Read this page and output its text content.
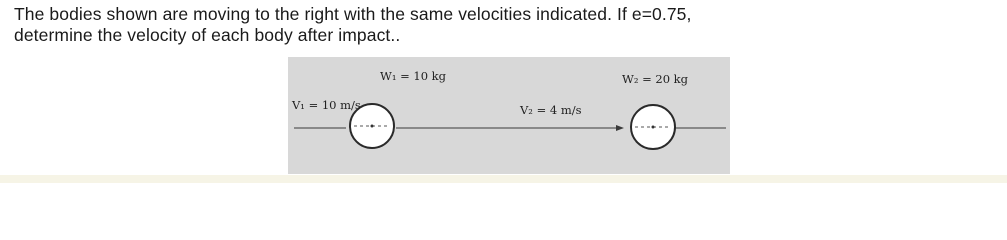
The bodies shown are moving to the right with the same velocities indicated. If e=0.75,

determine the velocity of each body after impact..

W₁ = 10 kg	W₂ = 20 kg
V₁ = 10 m/s	V₂ = 4 m/s
